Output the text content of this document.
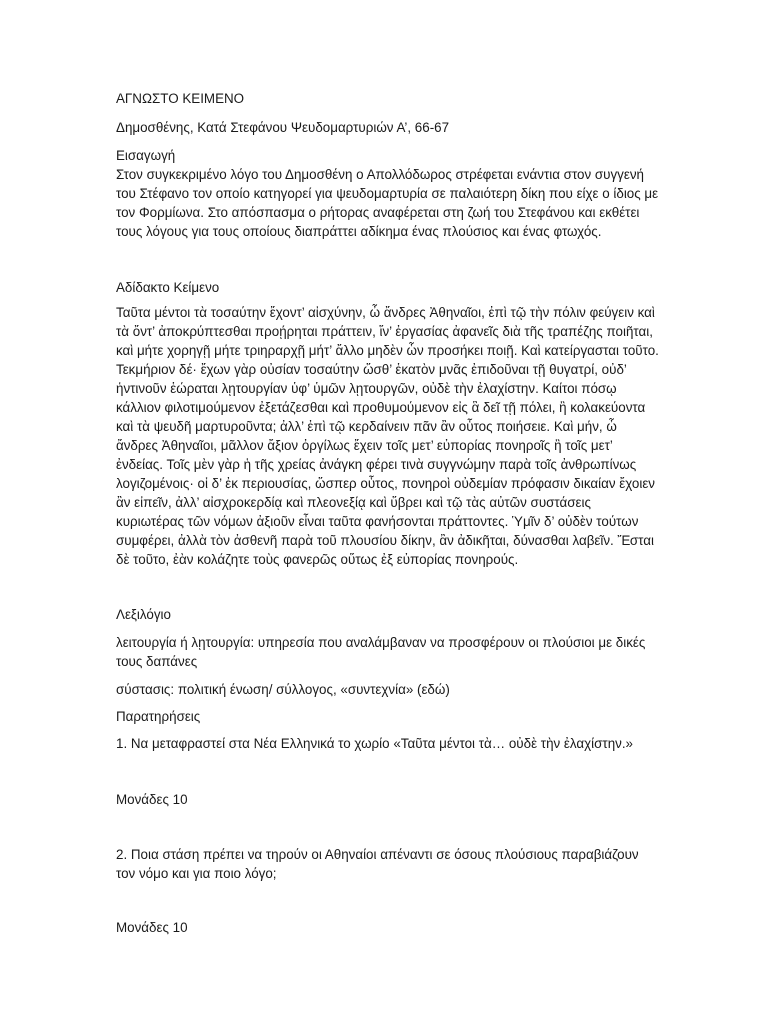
ΑΓΝΩΣΤΟ ΚΕΙΜΕΝΟ

Δημοσθένης, Κατά Στεφάνου Ψευδομαρτυριών Α’, 66-67

Εισαγωγή

Στον συγκεκριμένο λόγο του Δημοσθένη ο Απολλόδωρος στρέφεται ενάντια στον συγγενή του Στέφανο τον οποίο κατηγορεί για ψευδομαρτυρία σε παλαιότερη δίκη που είχε ο ίδιος με τον Φορμίωνα. Στο απόσπασμα ο ρήτορας αναφέρεται στη ζωή του Στεφάνου και εκθέτει τους λόγους για τους οποίους διαπράττει αδίκημα ένας πλούσιος και ένας φτωχός.

Αδίδακτο Κείμενο

Ταῦτα μέντοι τὰ τοσαύτην ἔχοντ’ αἰσχύνην, ὦ ἄνδρες Ἀθηναῖοι, ἐπὶ τῷ τὴν πόλιν φεύγειν καὶ τὰ ὄντ’ ἀποκρύπτεσθαι προῄρηται πράττειν, ἵν’ ἐργασίας ἀφανεῖς διὰ τῆς τραπέζης ποιῆται, καὶ μήτε χορηγῇ μήτε τριηραρχῇ μήτ’ ἄλλο μηδὲν ὧν προσήκει ποιῇ. Καὶ κατείργασται τοῦτο. Τεκμήριον δέ· ἔχων γὰρ οὐσίαν τοσαύτην ὥσθ’ ἑκατὸν μνᾶς ἐπιδοῦναι τῇ θυγατρί, οὐδ’ ἡντινοῦν ἑώραται λῃτουργίαν ὑφ’ ὑμῶν λῃτουργῶν, οὐδὲ τὴν ἐλαχίστην. Καίτοι πόσῳ κάλλιον φιλοτιμούμενον ἐξετάζεσθαι καὶ προθυμούμενον εἰς ἃ δεῖ τῇ πόλει, ἢ κολακεύοντα καὶ τὰ ψευδῆ μαρτυροῦντα; ἀλλ’ ἐπὶ τῷ κερδαίνειν πᾶν ἂν οὗτος ποιήσειε. Καὶ μήν, ὦ ἄνδρες Ἀθηναῖοι, μᾶλλον ἄξιον ὀργίλως ἔχειν τοῖς μετ’ εὐπορίας πονηροῖς ἢ τοῖς μετ’ ἐνδείας. Τοῖς μὲν γὰρ ἡ τῆς χρείας ἀνάγκη φέρει τινὰ συγγνώμην παρὰ τοῖς ἀνθρωπίνως λογιζομένοις· οἱ δ’ ἐκ περιουσίας, ὥσπερ οὗτος, πονηροὶ οὐδεμίαν πρόφασιν δικαίαν ἔχοιεν ἂν εἰπεῖν, ἀλλ’ αἰσχροκερδίᾳ καὶ πλεονεξίᾳ καὶ ὕβρει καὶ τῷ τὰς αὐτῶν συστάσεις κυριωτέρας τῶν νόμων ἀξιοῦν εἶναι ταῦτα φανήσονται πράττοντες. Ὑμῖν δ’ οὐδὲν τούτων συμφέρει, ἀλλὰ τὸν ἀσθενῆ παρὰ τοῦ πλουσίου δίκην, ἂν ἀδικῆται, δύνασθαι λαβεῖν. Ἔσται δὲ τοῦτο, ἐὰν κολάζητε τοὺς φανερῶς οὕτως ἐξ εὐπορίας πονηρούς.

Λεξιλόγιο

λειτουργία ή λῃτουργία: υπηρεσία που αναλάμβαναν να προσφέρουν οι πλούσιοι με δικές τους δαπάνες

σύστασις: πολιτική ένωση/ σύλλογος, «συντεχνία» (εδώ)

Παρατηρήσεις

1. Να μεταφραστεί στα Νέα Ελληνικά το χωρίο «Ταῦτα μέντοι τὰ… οὐδὲ τὴν ἐλαχίστην.»

Μονάδες 10

2. Ποια στάση πρέπει να τηρούν οι Αθηναίοι απέναντι σε όσους πλούσιους παραβιάζουν τον νόμο και για ποιο λόγο;

Μονάδες 10
